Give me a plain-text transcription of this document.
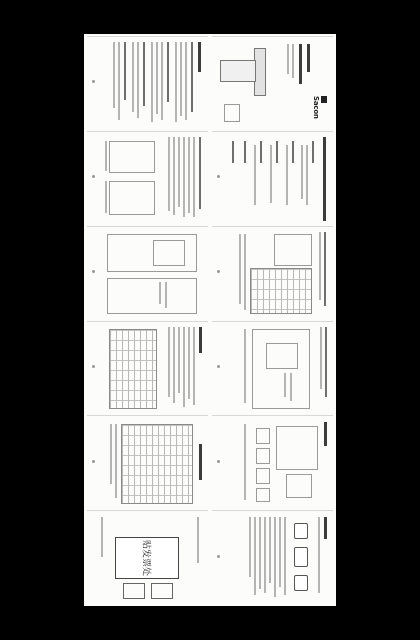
Sacon
贴发票处
